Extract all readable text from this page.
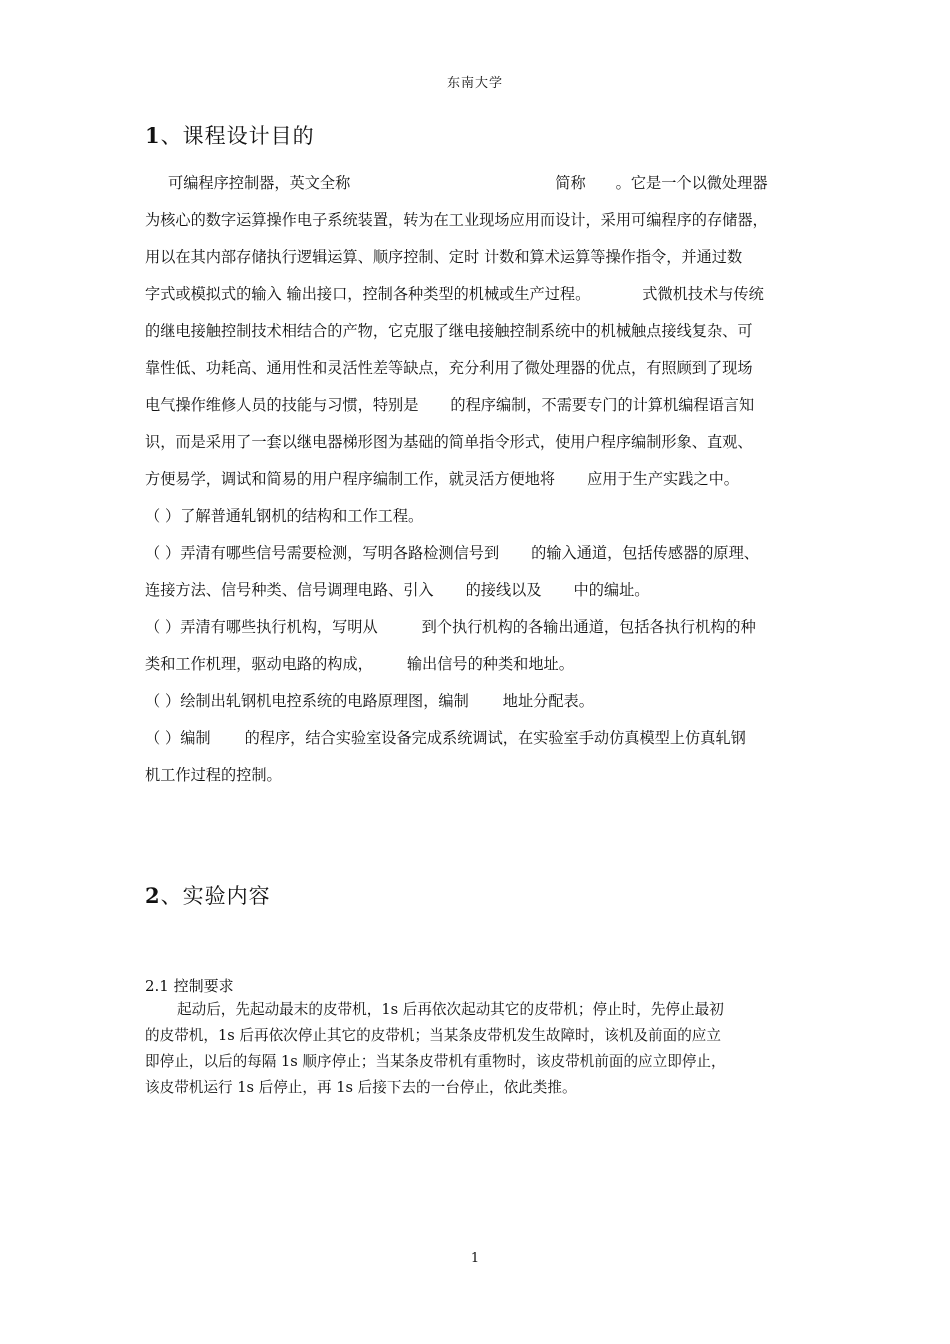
东南大学
1、课程设计目的
可编程序控制器，英文全称	简称 。它是一个以微处理器
为核心的数字运算操作电子系统装置，转为在工业现场应用而设计，采用可编程序的存储器，
用以在其内部存储执行逻辑运算、顺序控制、定时 计数和算术运算等操作指令，并通过数
字式或模拟式的输入 输出接口，控制各种类型的机械或生产过程。	式微机技术与传统
的继电接触控制技术相结合的产物，它克服了继电接触控制系统中的机械触点接线复杂、可
靠性低、功耗高、通用性和灵活性差等缺点，充分利用了微处理器的优点，有照顾到了现场
电气操作维修人员的技能与习惯，特别是 的程序编制，不需要专门的计算机编程语言知
识，而是采用了一套以继电器梯形图为基础的简单指令形式，使用户程序编制形象、直观、
方便易学，调试和简易的用户程序编制工作，就灵活方便地将 应用于生产实践之中。
（ ）了解普通轧钢机的结构和工作工程。
（ ）弄清有哪些信号需要检测，写明各路检测信号到 的输入通道，包括传感器的原理、
连接方法、信号种类、信号调理电路、引入 的接线以及 中的编址。
（ ）弄清有哪些执行机构，写明从	到个执行机构的各输出通道，包括各执行机构的种
类和工作机理，驱动电路的构成， 输出信号的种类和地址。
（ ）绘制出轧钢机电控系统的电路原理图，编制 地址分配表。
（ ）编制 的程序，结合实验室设备完成系统调试，在实验室手动仿真模型上仿真轧钢
机工作过程的控制。
2、实验内容
2.1 控制要求
起动后，先起动最末的皮带机，1s 后再依次起动其它的皮带机；停止时，先停止最初
的皮带机，1s 后再依次停止其它的皮带机；当某条皮带机发生故障时，该机及前面的应立
即停止，以后的每隔 1s 顺序停止；当某条皮带机有重物时，该皮带机前面的应立即停止，
该皮带机运行 1s 后停止，再 1s 后接下去的一台停止，依此类推。
1
